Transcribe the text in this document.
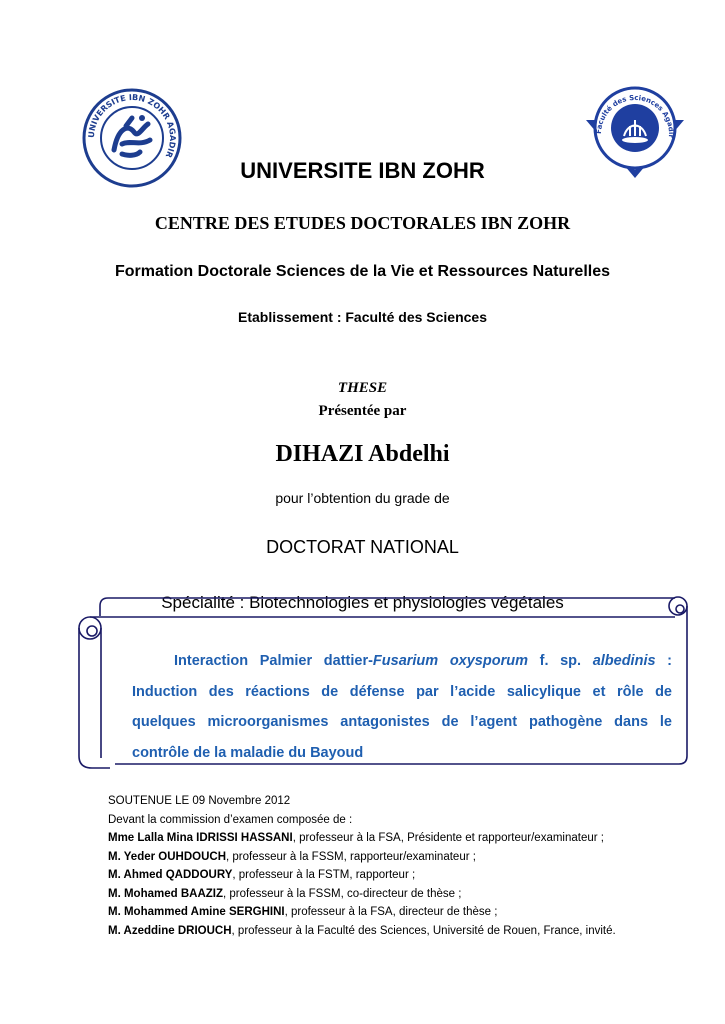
UNIVERSITE IBN ZOHR AGADIR
Faculté des Sciences Agadir
UNIVERSITE IBN ZOHR
CENTRE DES ETUDES DOCTORALES IBN ZOHR
Formation Doctorale Sciences de la Vie et Ressources Naturelles
Etablissement : Faculté des Sciences
THESE
Présentée par
DIHAZI Abdelhi
pour l’obtention du grade de
DOCTORAT NATIONAL
Spécialité : Biotechnologies et physiologies végétales
Interaction Palmier dattier-Fusarium oxysporum f. sp. albedinis :
Induction des réactions de défense par l’acide salicylique et rôle de
quelques microorganismes antagonistes de l’agent pathogène dans le
contrôle de la maladie du Bayoud
SOUTENUE LE 09 Novembre 2012
Devant la commission d’examen composée de :
Mme Lalla Mina IDRISSI HASSANI, professeur à la FSA, Présidente et rapporteur/examinateur ;
M. Yeder OUHDOUCH, professeur à la FSSM, rapporteur/examinateur ;
M. Ahmed QADDOURY, professeur à la FSTM, rapporteur ;
M. Mohamed BAAZIZ, professeur à la FSSM, co-directeur de thèse ;
M. Mohammed Amine SERGHINI, professeur à la FSA, directeur de thèse ;
M. Azeddine DRIOUCH, professeur à la Faculté des Sciences, Université de Rouen, France, invité.
